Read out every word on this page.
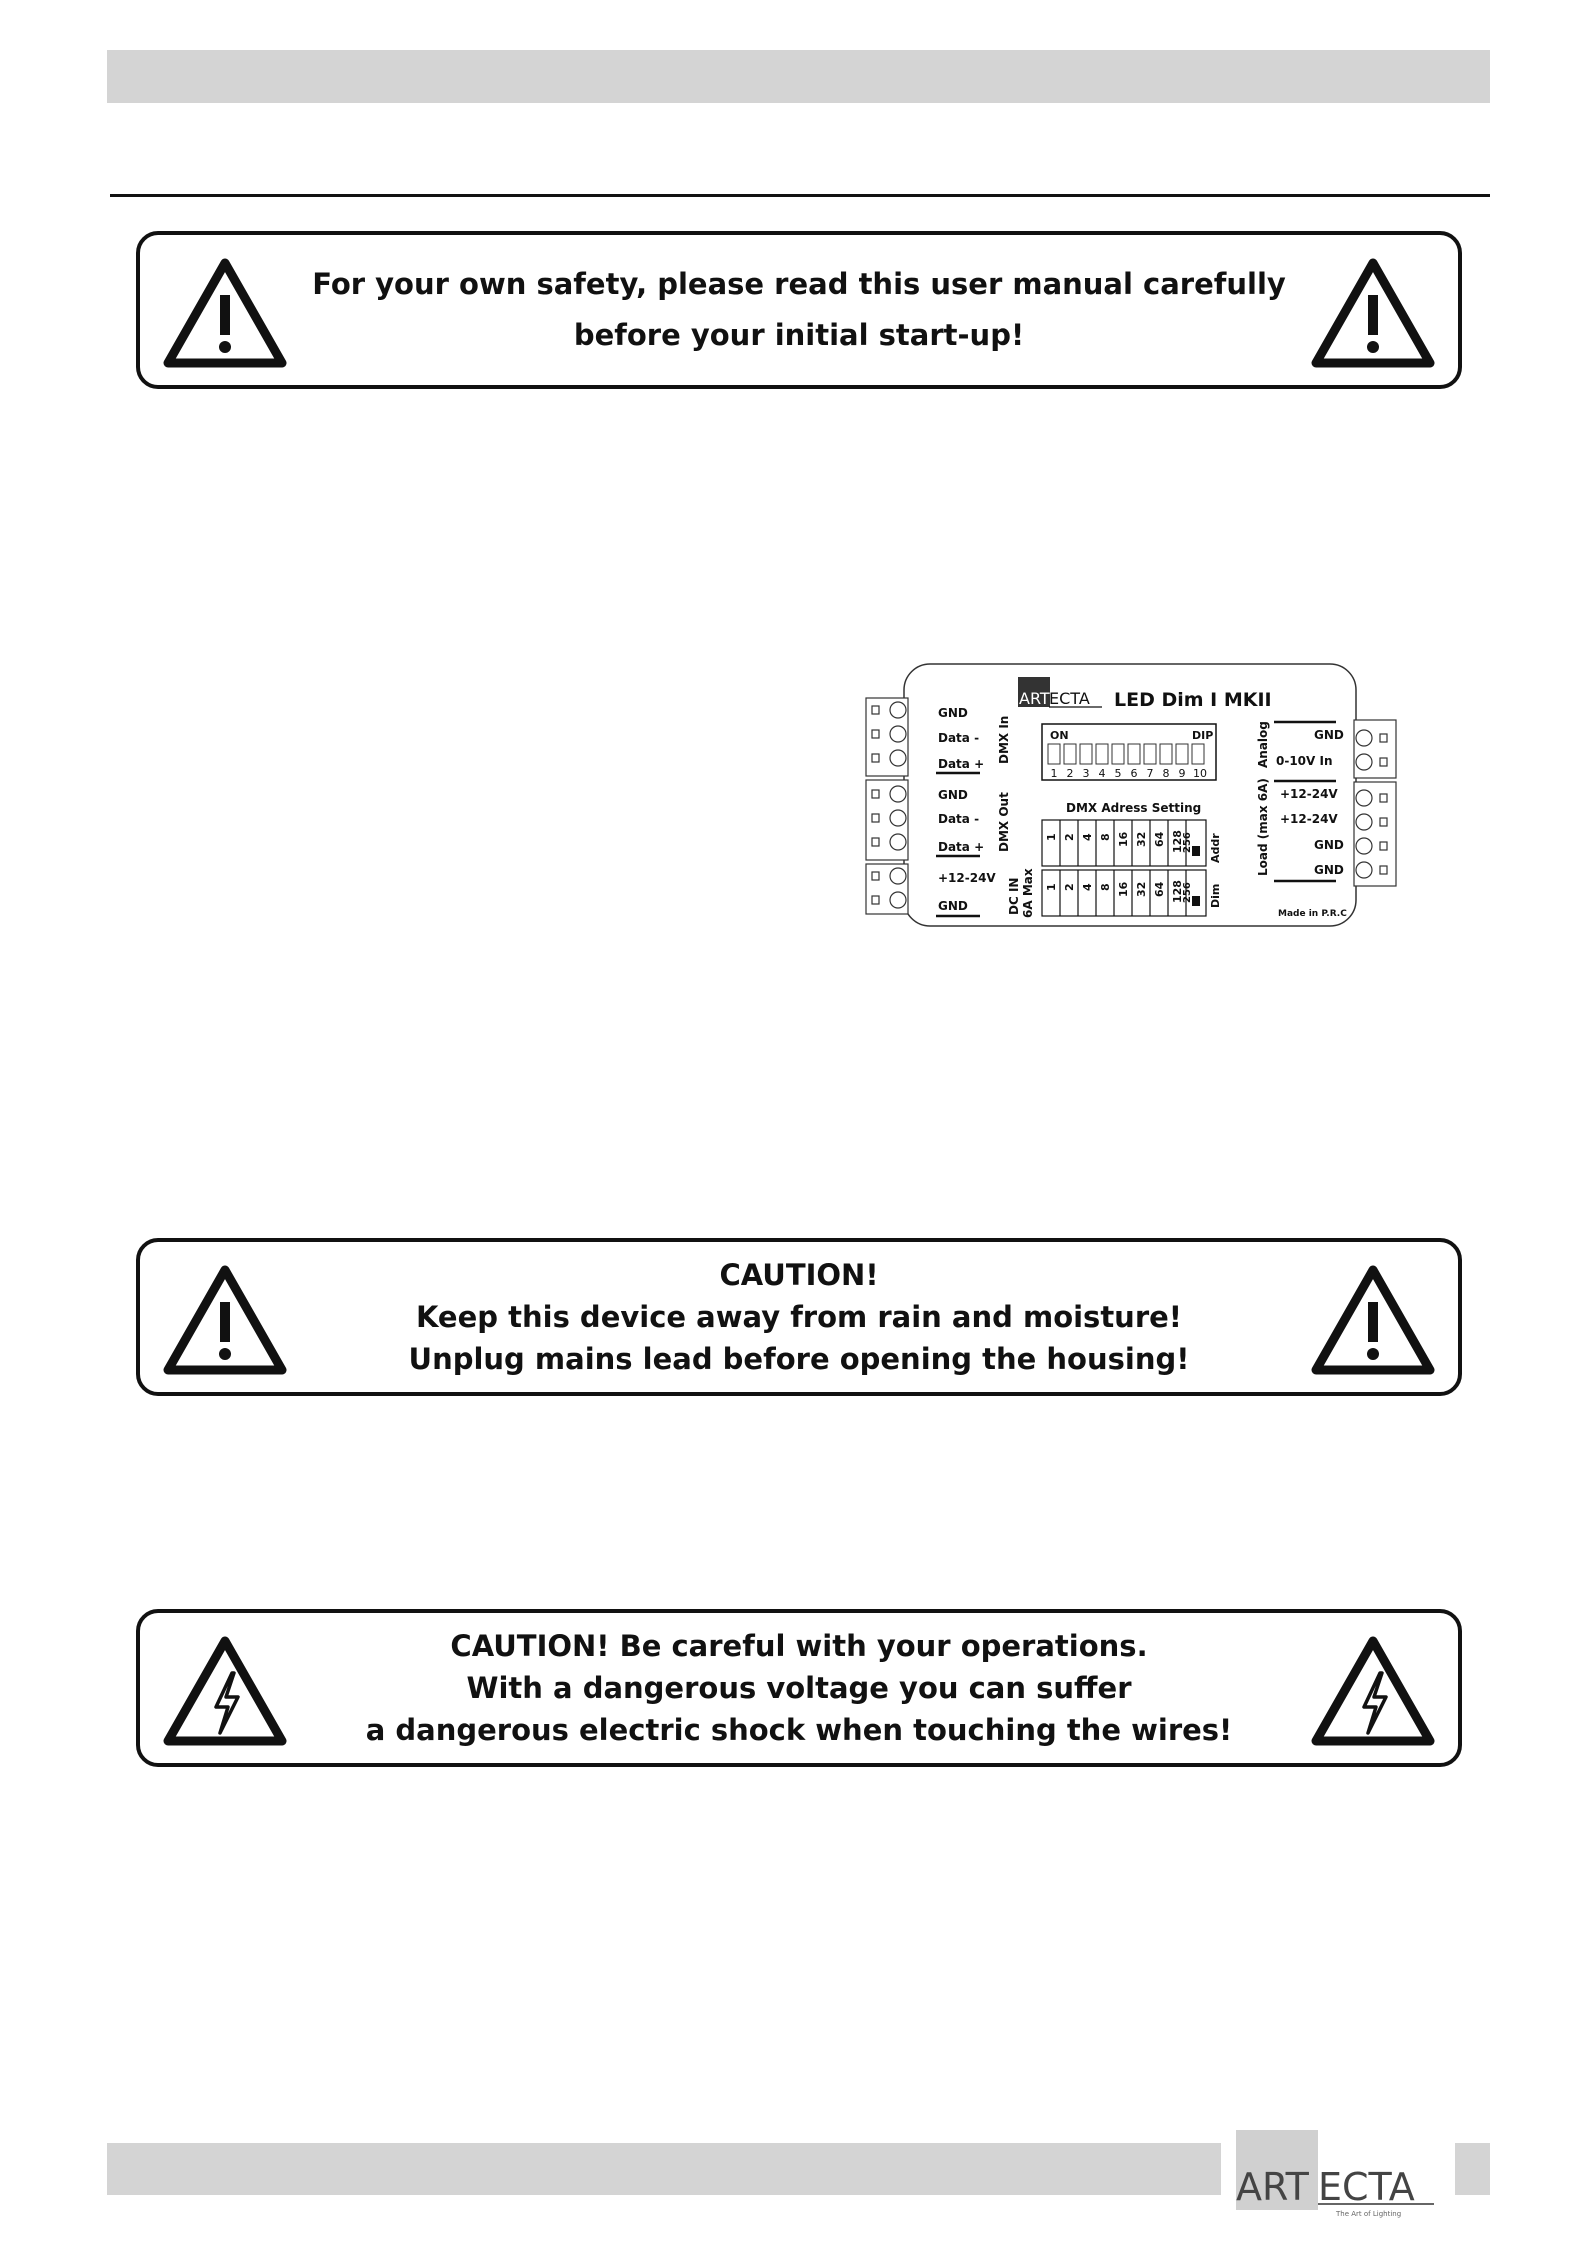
For your own safety, please read this user manual carefully
before your initial start-up!
GND
Data -
Data +
GND
Data -
Data +
+12-24V
GND
DMX In
DMX Out
DC IN 6A Max
ART ECTA LED Dim I MKII
ON	DIP
1 2 3 4 5 6 7 8 9 10
DMX Adress Setting
1 2 4 8 16 32 64 128
256 Addr
1 2 4 8 16 32 64 128
256 Dim
Analog
Load (max 6A)
GND
0-10V In
+12-24V
+12-24V
GND
GND
Made in P.R.C
CAUTION!
Keep this device away from rain and moisture!
Unplug mains lead before opening the housing!
CAUTION! Be careful with your operations.
With a dangerous voltage you can suffer
a dangerous electric shock when touching the wires!
ART ECTA
The Art of Lighting
